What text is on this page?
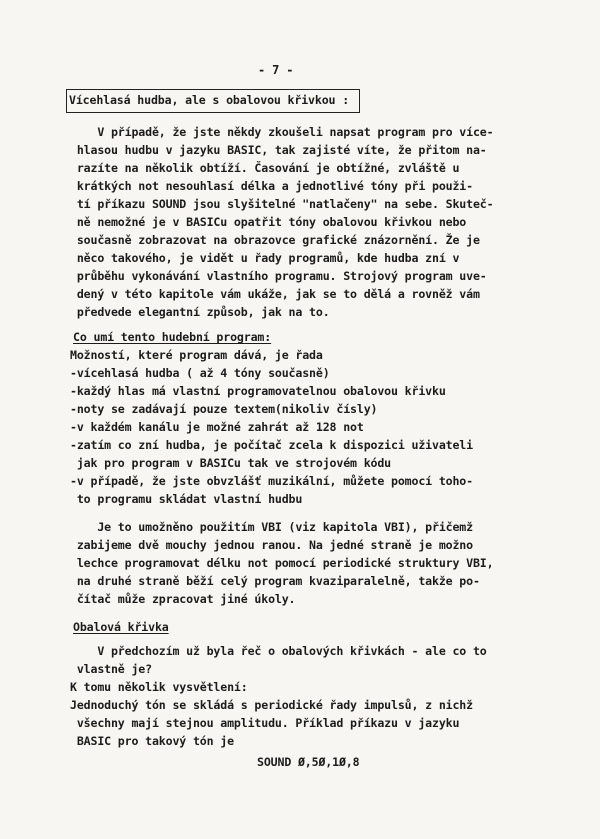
- 7 -
Vícehlasá hudba, ale s obalovou křivkou :
V případě, že jste někdy zkoušeli napsat program pro více-
hlasou hudbu v jazyku BASIC, tak zajisté víte, že přitom na-
razíte na několik obtíží. Časování je obtížné, zvláště u
krátkých not nesouhlasí délka a jednotlivé tóny při použi-
tí příkazu SOUND jsou slyšitelné "natlačeny" na sebe. Skuteč-
ně nemožné je v BASICu opatřit tóny obalovou křivkou nebo
současně zobrazovat na obrazovce grafické znázornění. Že je
něco takového, je vidět u řady programů, kde hudba zní v
průběhu vykonávání vlastního programu. Strojový program uve-
dený v této kapitole vám ukáže, jak se to dělá a rovněž vám
předvede elegantní způsob, jak na to.
Co umí tento hudební program:
Možností, které program dává, je řada
-vícehlasá hudba ( až 4 tóny současně)
-každý hlas má vlastní programovatelnou obalovou křivku
-noty se zadávají pouze textem(nikoliv čísly)
-v každém kanálu je možné zahrát až 128 not
-zatím co zní hudba, je počítač zcela k dispozici uživateli
jak pro program v BASICu tak ve strojovém kódu
-v případě, že jste obvzlášť muzikální, můžete pomocí toho-
to programu skládat vlastní hudbu
Je to umožněno použitím VBI (viz kapitola VBI), přičemž
zabijeme dvě mouchy jednou ranou. Na jedné straně je možno
lechce programovat délku not pomocí periodické struktury VBI,
na druhé straně běží celý program kvaziparalelně, takže po-
čítač může zpracovat jiné úkoly.
Obalová křivka
V předchozím už byla řeč o obalových křivkách - ale co to
vlastně je?
K tomu několik vysvětlení:
Jednoduchý tón se skládá s periodické řady impulsů, z nichž
všechny mají stejnou amplitudu. Příklad příkazu v jazyku
BASIC pro takový tón je
SOUND Ø,5Ø,1Ø,8
